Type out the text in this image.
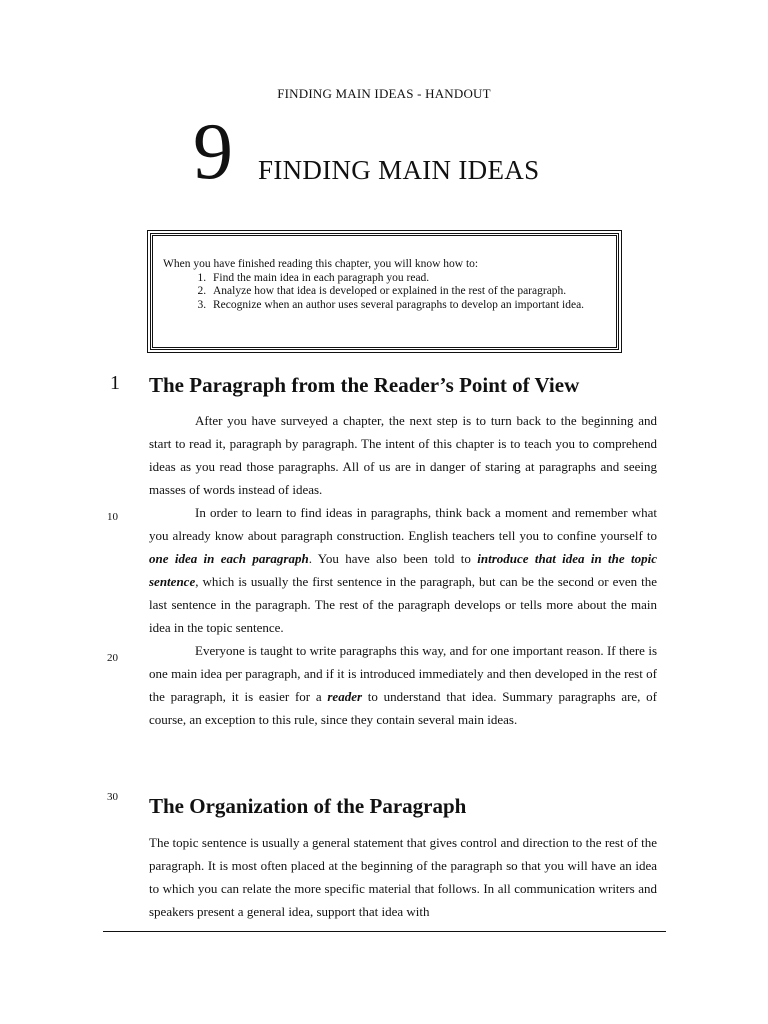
FINDING MAIN IDEAS - HANDOUT
9 FINDING MAIN IDEAS
When you have finished reading this chapter, you will know how to:
1. Find the main idea in each paragraph you read.
2. Analyze how that idea is developed or explained in the rest of the paragraph.
3. Recognize when an author uses several paragraphs to develop an important idea.
1 The Paragraph from the Reader’s Point of View

After you have surveyed a chapter, the next step is to turn back to the beginning and start to read it, paragraph by paragraph. The intent of this chapter is to teach you to comprehend ideas as you read those paragraphs. All of us are in danger of staring at paragraphs and seeing masses of words instead of ideas.

In order to learn to find ideas in paragraphs, think back a moment and remember what you already know about paragraph construction. English teachers tell you to confine yourself to one idea in each paragraph. You have also been told to introduce that idea in the topic sentence, which is usually the first sentence in the paragraph, but can be the second or even the last sentence in the paragraph. The rest of the paragraph develops or tells more about the main idea in the topic sentence.

Everyone is taught to write paragraphs this way, and for one important reason. If there is one main idea per paragraph, and if it is introduced immediately and then developed in the rest of the paragraph, it is easier for a reader to understand that idea. Summary paragraphs are, of course, an exception to this rule, since they contain several main ideas.

10
20
30 The Organization of the Paragraph

The topic sentence is usually a general statement that gives control and direction to the rest of the paragraph. It is most often placed at the beginning of the paragraph so that you will have an idea to which you can relate the more specific material that follows. In all communication writers and speakers present a general idea, support that idea with
